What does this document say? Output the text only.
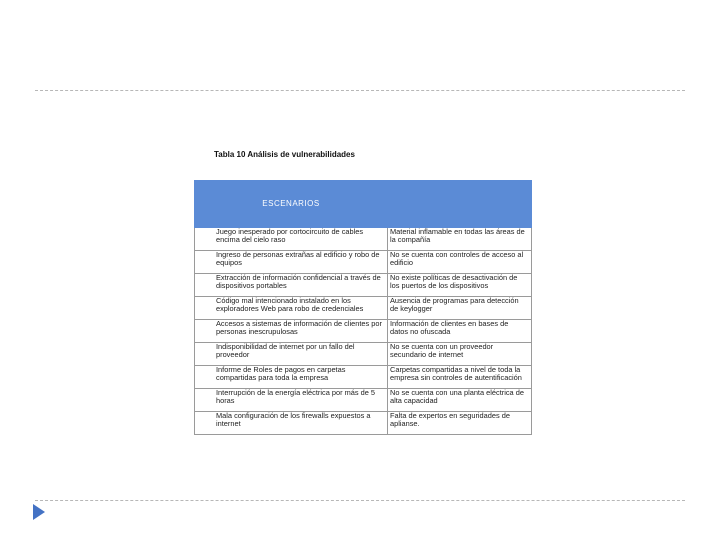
Tabla 10 Análisis de vulnerabilidades
ESCENARIOS	VULNERABILIDAD
Juego inesperado por cortocircuito de cables encima del cielo raso	Material inflamable en todas las áreas de la compañía
Ingreso de personas extrañas al edificio y robo de equipos	No se cuenta con controles de acceso al edificio
Extracción de información confidencial a través de dispositivos portables	No existe políticas de desactivación de los puertos de los dispositivos
Código mal intencionado instalado en los exploradores Web para robo de credenciales	Ausencia de programas para detección de keylogger
Accesos a sistemas de información de clientes por personas inescrupulosas	Información de clientes en bases de datos no ofuscada
Indisponibilidad de internet por un fallo del proveedor	No se cuenta con un proveedor secundario de internet
Informe de Roles de pagos en carpetas compartidas para toda la empresa	Carpetas compartidas a nivel de toda la empresa sin controles de autentificación
Interrupción de la energía eléctrica por más de 5 horas	No se cuenta con una planta eléctrica de alta capacidad
Mala configuración de los firewalls expuestos a internet	Falta de expertos en seguridades de aplianse.
